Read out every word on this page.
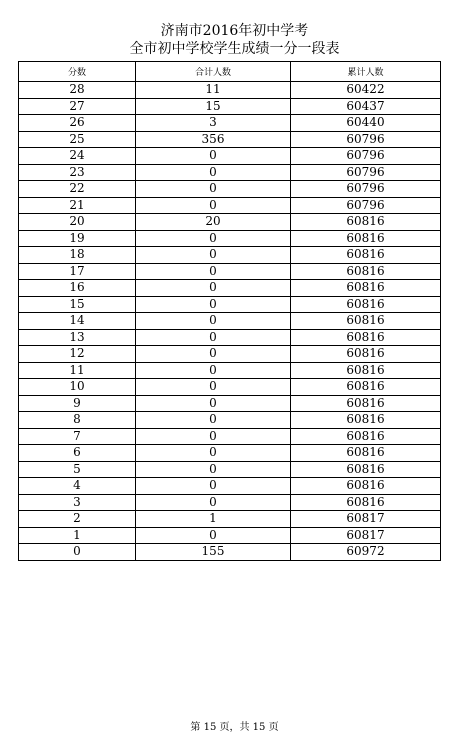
济南市2016年初中学考
全市初中学校学生成绩一分一段表
分数	合计人数	累计人数
28	11	60422
27	15	60437
26	3	60440
25	356	60796
24	0	60796
23	0	60796
22	0	60796
21	0	60796
20	20	60816
19	0	60816
18	0	60816
17	0	60816
16	0	60816
15	0	60816
14	0	60816
13	0	60816
12	0	60816
11	0	60816
10	0	60816
9	0	60816
8	0	60816
7	0	60816
6	0	60816
5	0	60816
4	0	60816
3	0	60816
2	1	60817
1	0	60817
0	155	60972
第 15 页，共 15 页
